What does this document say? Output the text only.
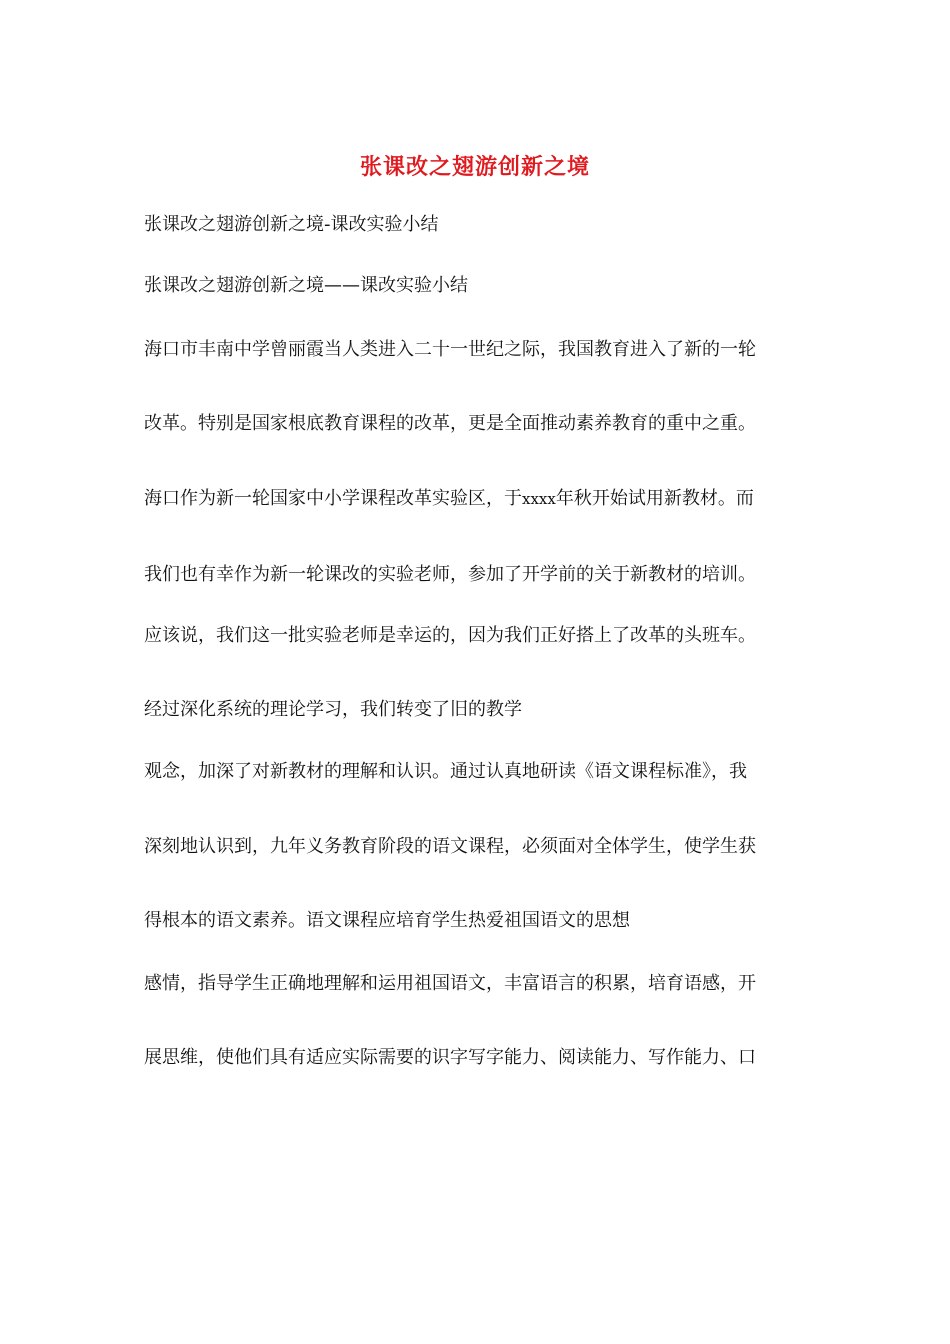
张课改之翅游创新之境
张课改之翅游创新之境-课改实验小结
张课改之翅游创新之境——课改实验小结
海口市丰南中学曾丽霞当人类进入二十一世纪之际，我国教育进入了新的一轮
改革。特别是国家根底教育课程的改革，更是全面推动素养教育的重中之重。
海口作为新一轮国家中小学课程改革实验区，于xxxx年秋开始试用新教材。而
我们也有幸作为新一轮课改的实验老师，参加了开学前的关于新教材的培训。
应该说，我们这一批实验老师是幸运的，因为我们正好搭上了改革的头班车。
经过深化系统的理论学习，我们转变了旧的教学
观念，加深了对新教材的理解和认识。通过认真地研读《语文课程标准》，我
深刻地认识到，九年义务教育阶段的语文课程，必须面对全体学生，使学生获
得根本的语文素养。语文课程应培育学生热爱祖国语文的思想
感情，指导学生正确地理解和运用祖国语文，丰富语言的积累，培育语感，开
展思维，使他们具有适应实际需要的识字写字能力、阅读能力、写作能力、口
